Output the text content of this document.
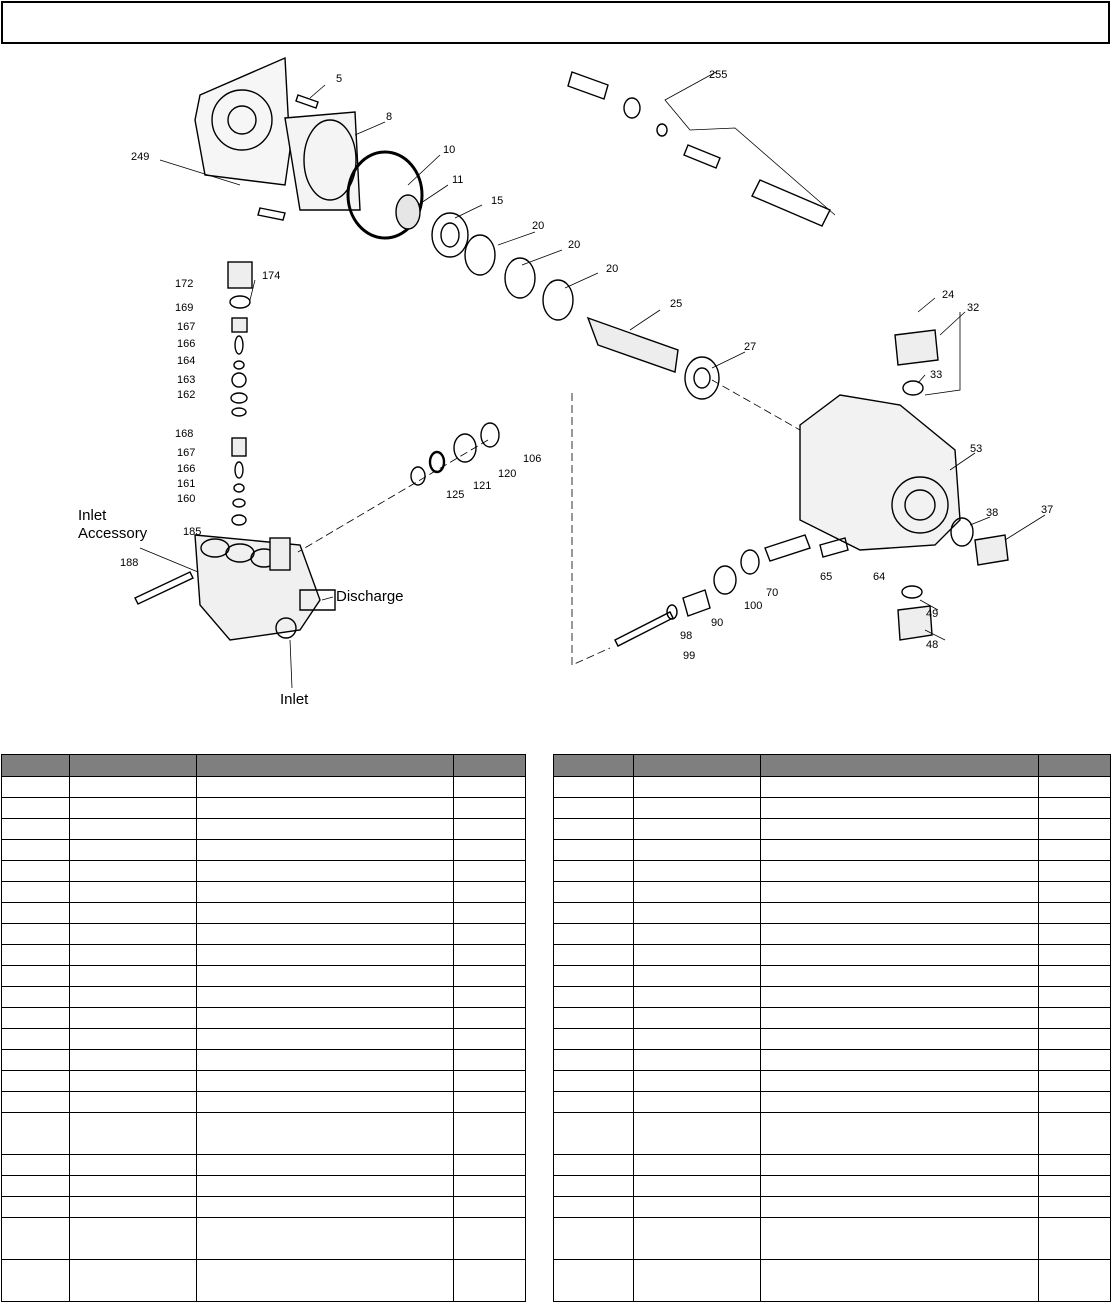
5
8
10
11
15
20
20
20
25
27
24
32
33
53
38	37
49
48
249
255
172
174
169
167
166
164
163
162
168
167
166
161
160
185
188
106
120
121
125
64
65
70
100
90
98
99
Inlet
Accessory
Discharge
Inlet
